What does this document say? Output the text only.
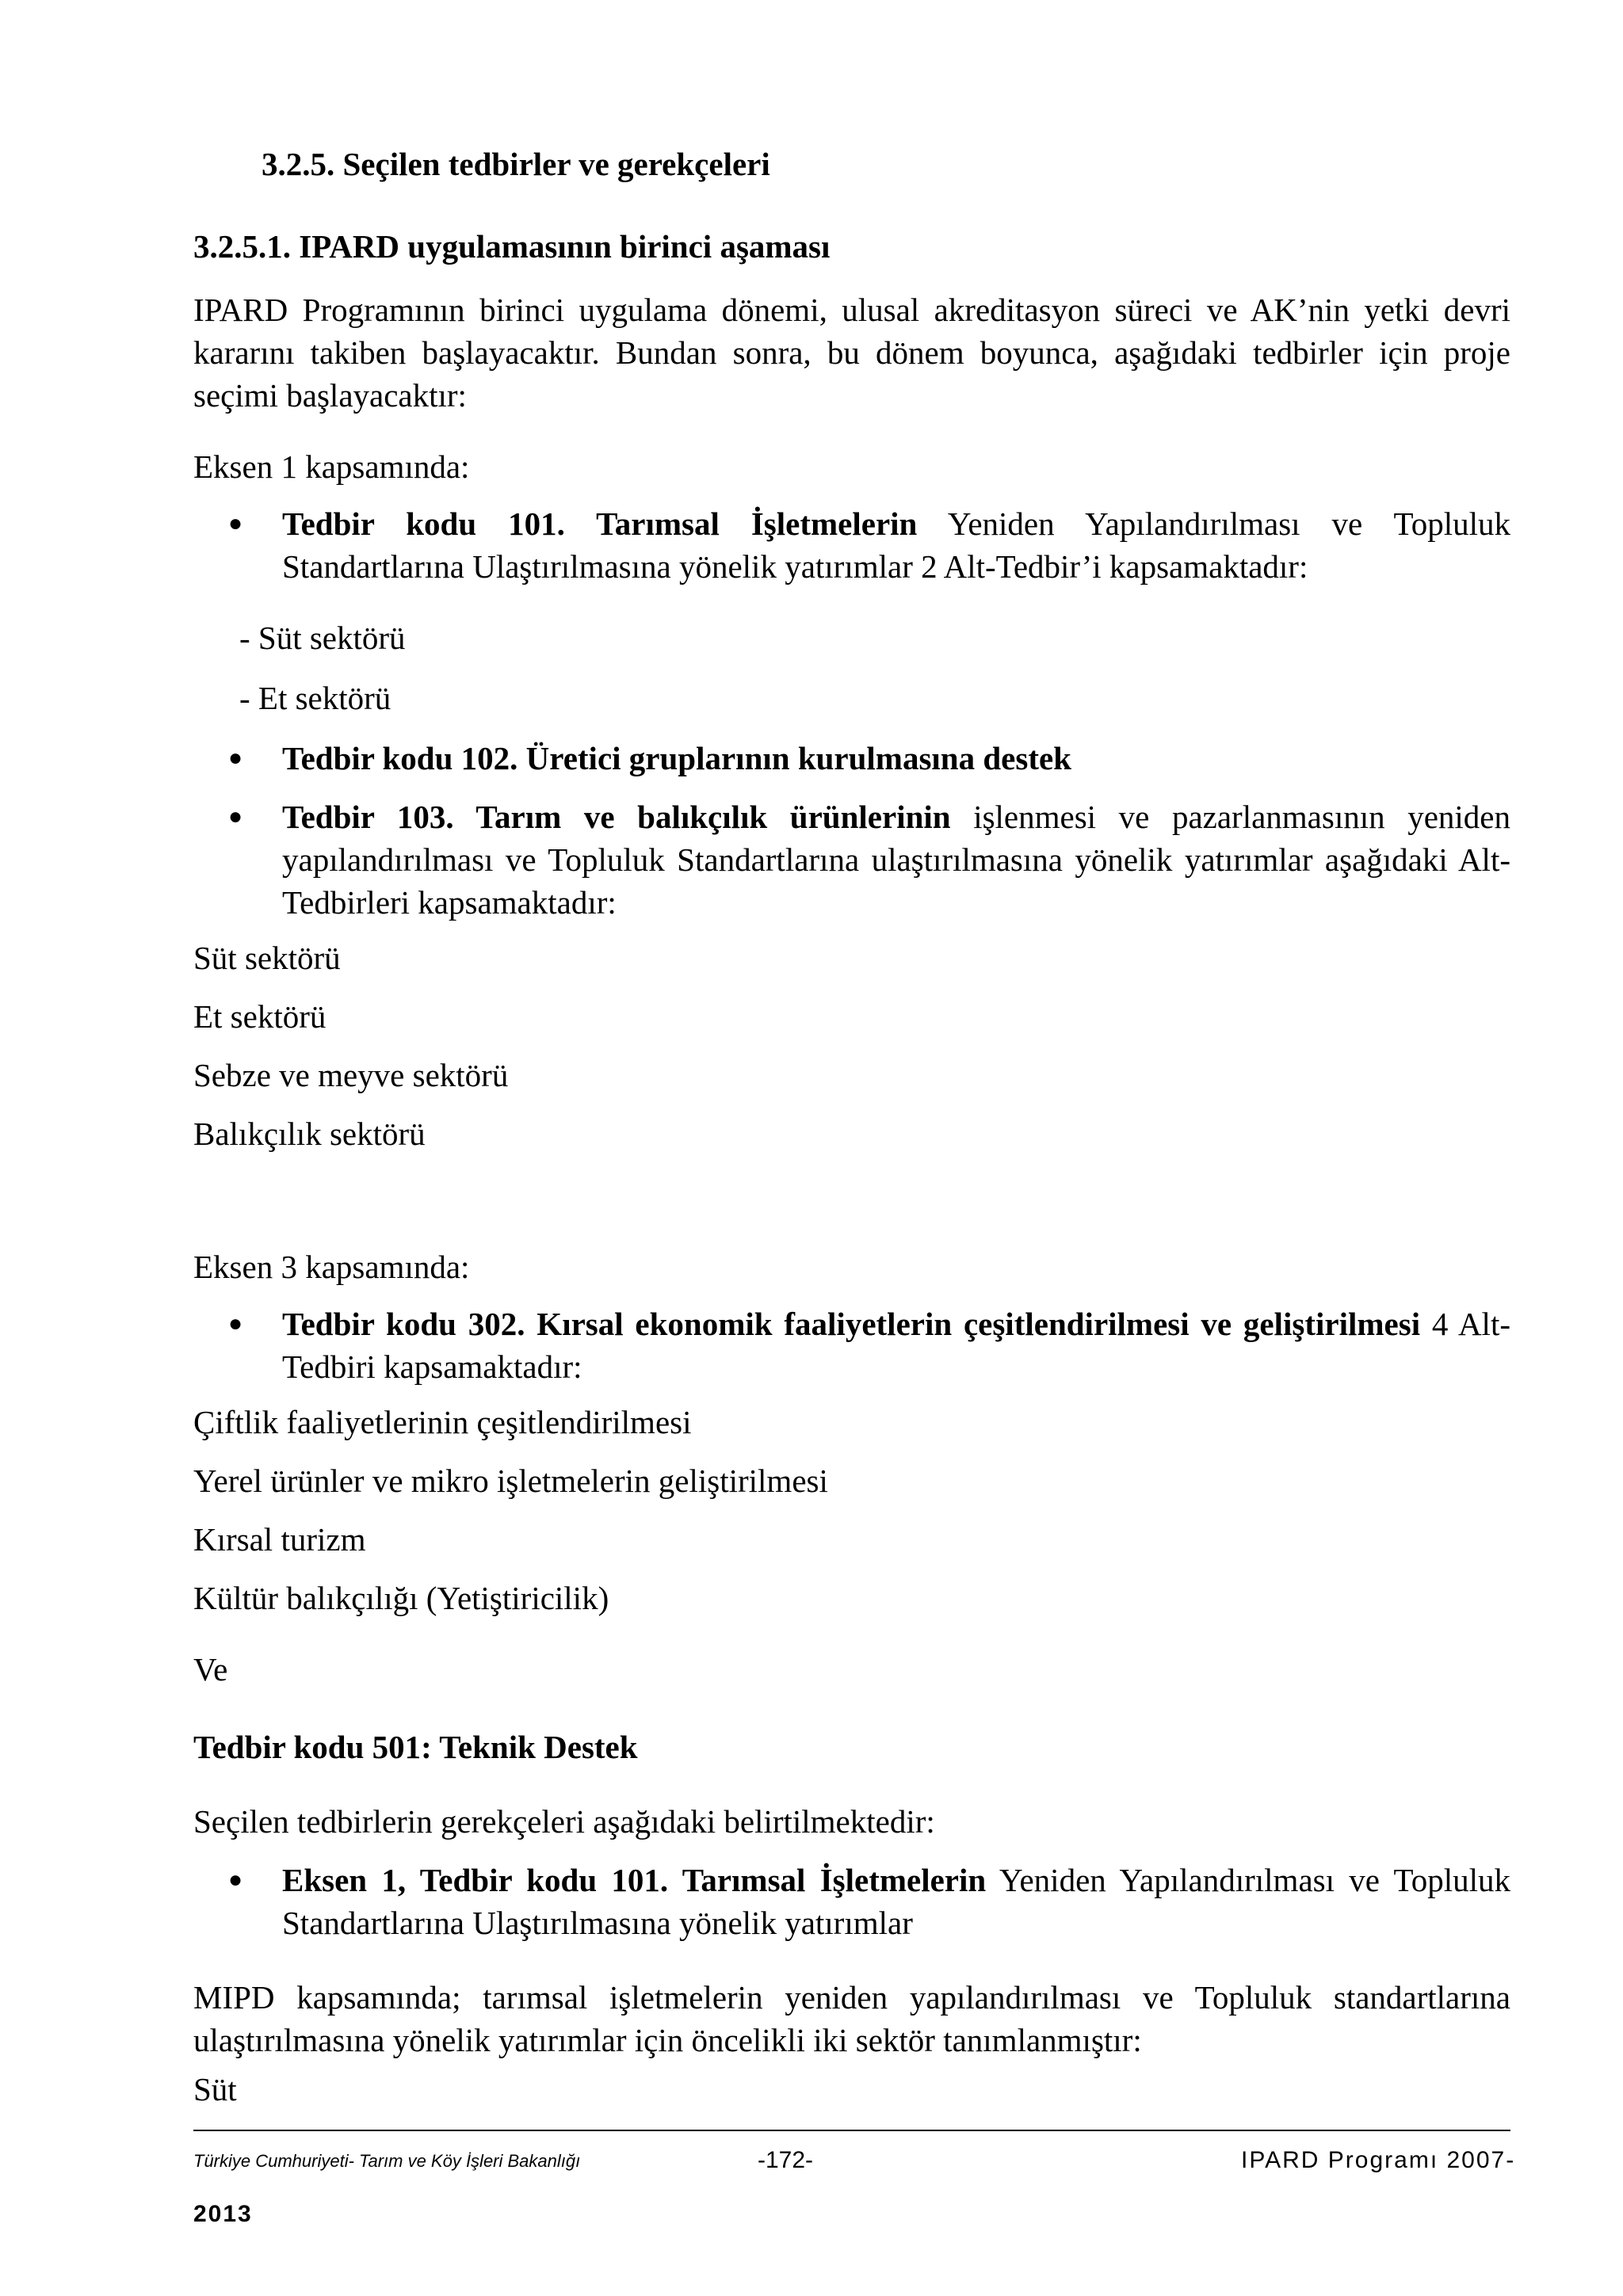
3.2.5. Seçilen tedbirler ve gerekçeleri

3.2.5.1. IPARD uygulamasının birinci aşaması

IPARD Programının birinci uygulama dönemi, ulusal akreditasyon süreci ve AK’nin yetki devri kararını takiben başlayacaktır. Bundan sonra, bu dönem boyunca, aşağıdaki tedbirler için proje seçimi başlayacaktır:

Eksen 1 kapsamında:

● Tedbir kodu 101. Tarımsal İşletmelerin Yeniden Yapılandırılması ve Topluluk Standartlarına Ulaştırılmasına yönelik yatırımlar 2 Alt-Tedbir’i kapsamaktadır:

- Süt sektörü

- Et sektörü

● Tedbir kodu 102. Üretici gruplarının kurulmasına destek

● Tedbir 103. Tarım ve balıkçılık ürünlerinin işlenmesi ve pazarlanmasının yeniden yapılandırılması ve Topluluk Standartlarına ulaştırılmasına yönelik yatırımlar aşağıdaki Alt-Tedbirleri kapsamaktadır:

Süt sektörü

Et sektörü

Sebze ve meyve sektörü

Balıkçılık sektörü

Eksen 3 kapsamında:

● Tedbir kodu 302. Kırsal ekonomik faaliyetlerin çeşitlendirilmesi ve geliştirilmesi 4 Alt-Tedbiri kapsamaktadır:

Çiftlik faaliyetlerinin çeşitlendirilmesi

Yerel ürünler ve mikro işletmelerin geliştirilmesi

Kırsal turizm

Kültür balıkçılığı (Yetiştiricilik)

Ve

Tedbir kodu 501: Teknik Destek

Seçilen tedbirlerin gerekçeleri aşağıdaki belirtilmektedir:

● Eksen 1, Tedbir kodu 101. Tarımsal İşletmelerin Yeniden Yapılandırılması ve Topluluk Standartlarına Ulaştırılmasına yönelik yatırımlar

MIPD kapsamında; tarımsal işletmelerin yeniden yapılandırılması ve Topluluk standartlarına ulaştırılmasına yönelik yatırımlar için öncelikli iki sektör tanımlanmıştır:

Süt

Türkiye Cumhuriyeti- Tarım ve Köy İşleri Bakanlığı	-172-	IPARD Programı 2007-
2013
